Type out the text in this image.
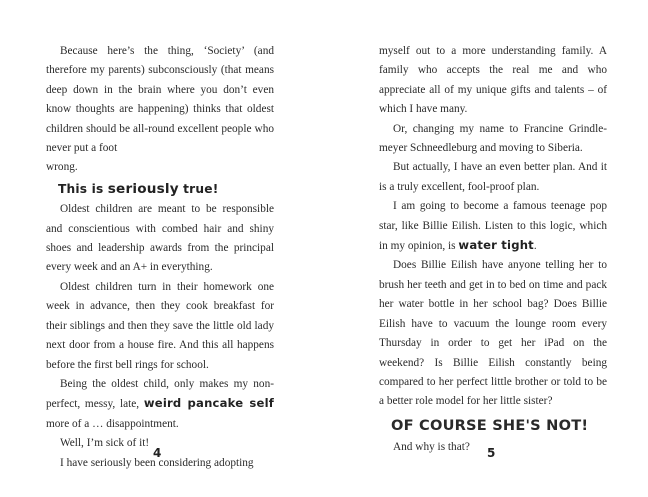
Because here’s the thing, ‘Society’ (and therefore my parents) subconsciously (that means deep down in the brain where you don’t even know thoughts are happening) thinks that oldest children should be all-round excellent people who never put a foot
wrong.

This is seriously true!

Oldest children are meant to be responsible and conscientious with combed hair and shiny shoes and leadership awards from the principal every week and an A+ in everything.

Oldest children turn in their homework one week in advance, then they cook breakfast for their siblings and then they save the little old lady next door from a house fire. And this all happens before the first bell rings for school.

Being the oldest child, only makes my non-perfect, messy, late, weird pancake self more of a … disappointment.

Well, I’m sick of it!

I have seriously been considering adopting

myself out to a more understanding family. A family who accepts the real me and who appreciate all of my unique gifts and talents – of which I have many.

Or, changing my name to Francine Grindle-meyer Schneedleburg and moving to Siberia.

But actually, I have an even better plan. And it is a truly excellent, fool-proof plan.

I am going to become a famous teenage pop star, like Billie Eilish. Listen to this logic, which in my opinion, is water tight.

Does Billie Eilish have anyone telling her to brush her teeth and get in to bed on time and pack her water bottle in her school bag? Does Billie Eilish have to vacuum the lounge room every Thursday in order to get her iPad on the weekend? Is Billie Eilish constantly being compared to her perfect little brother or told to be a better role model for her little sister?

OF COURSE SHE'S NOT!

And why is that?

4	5
